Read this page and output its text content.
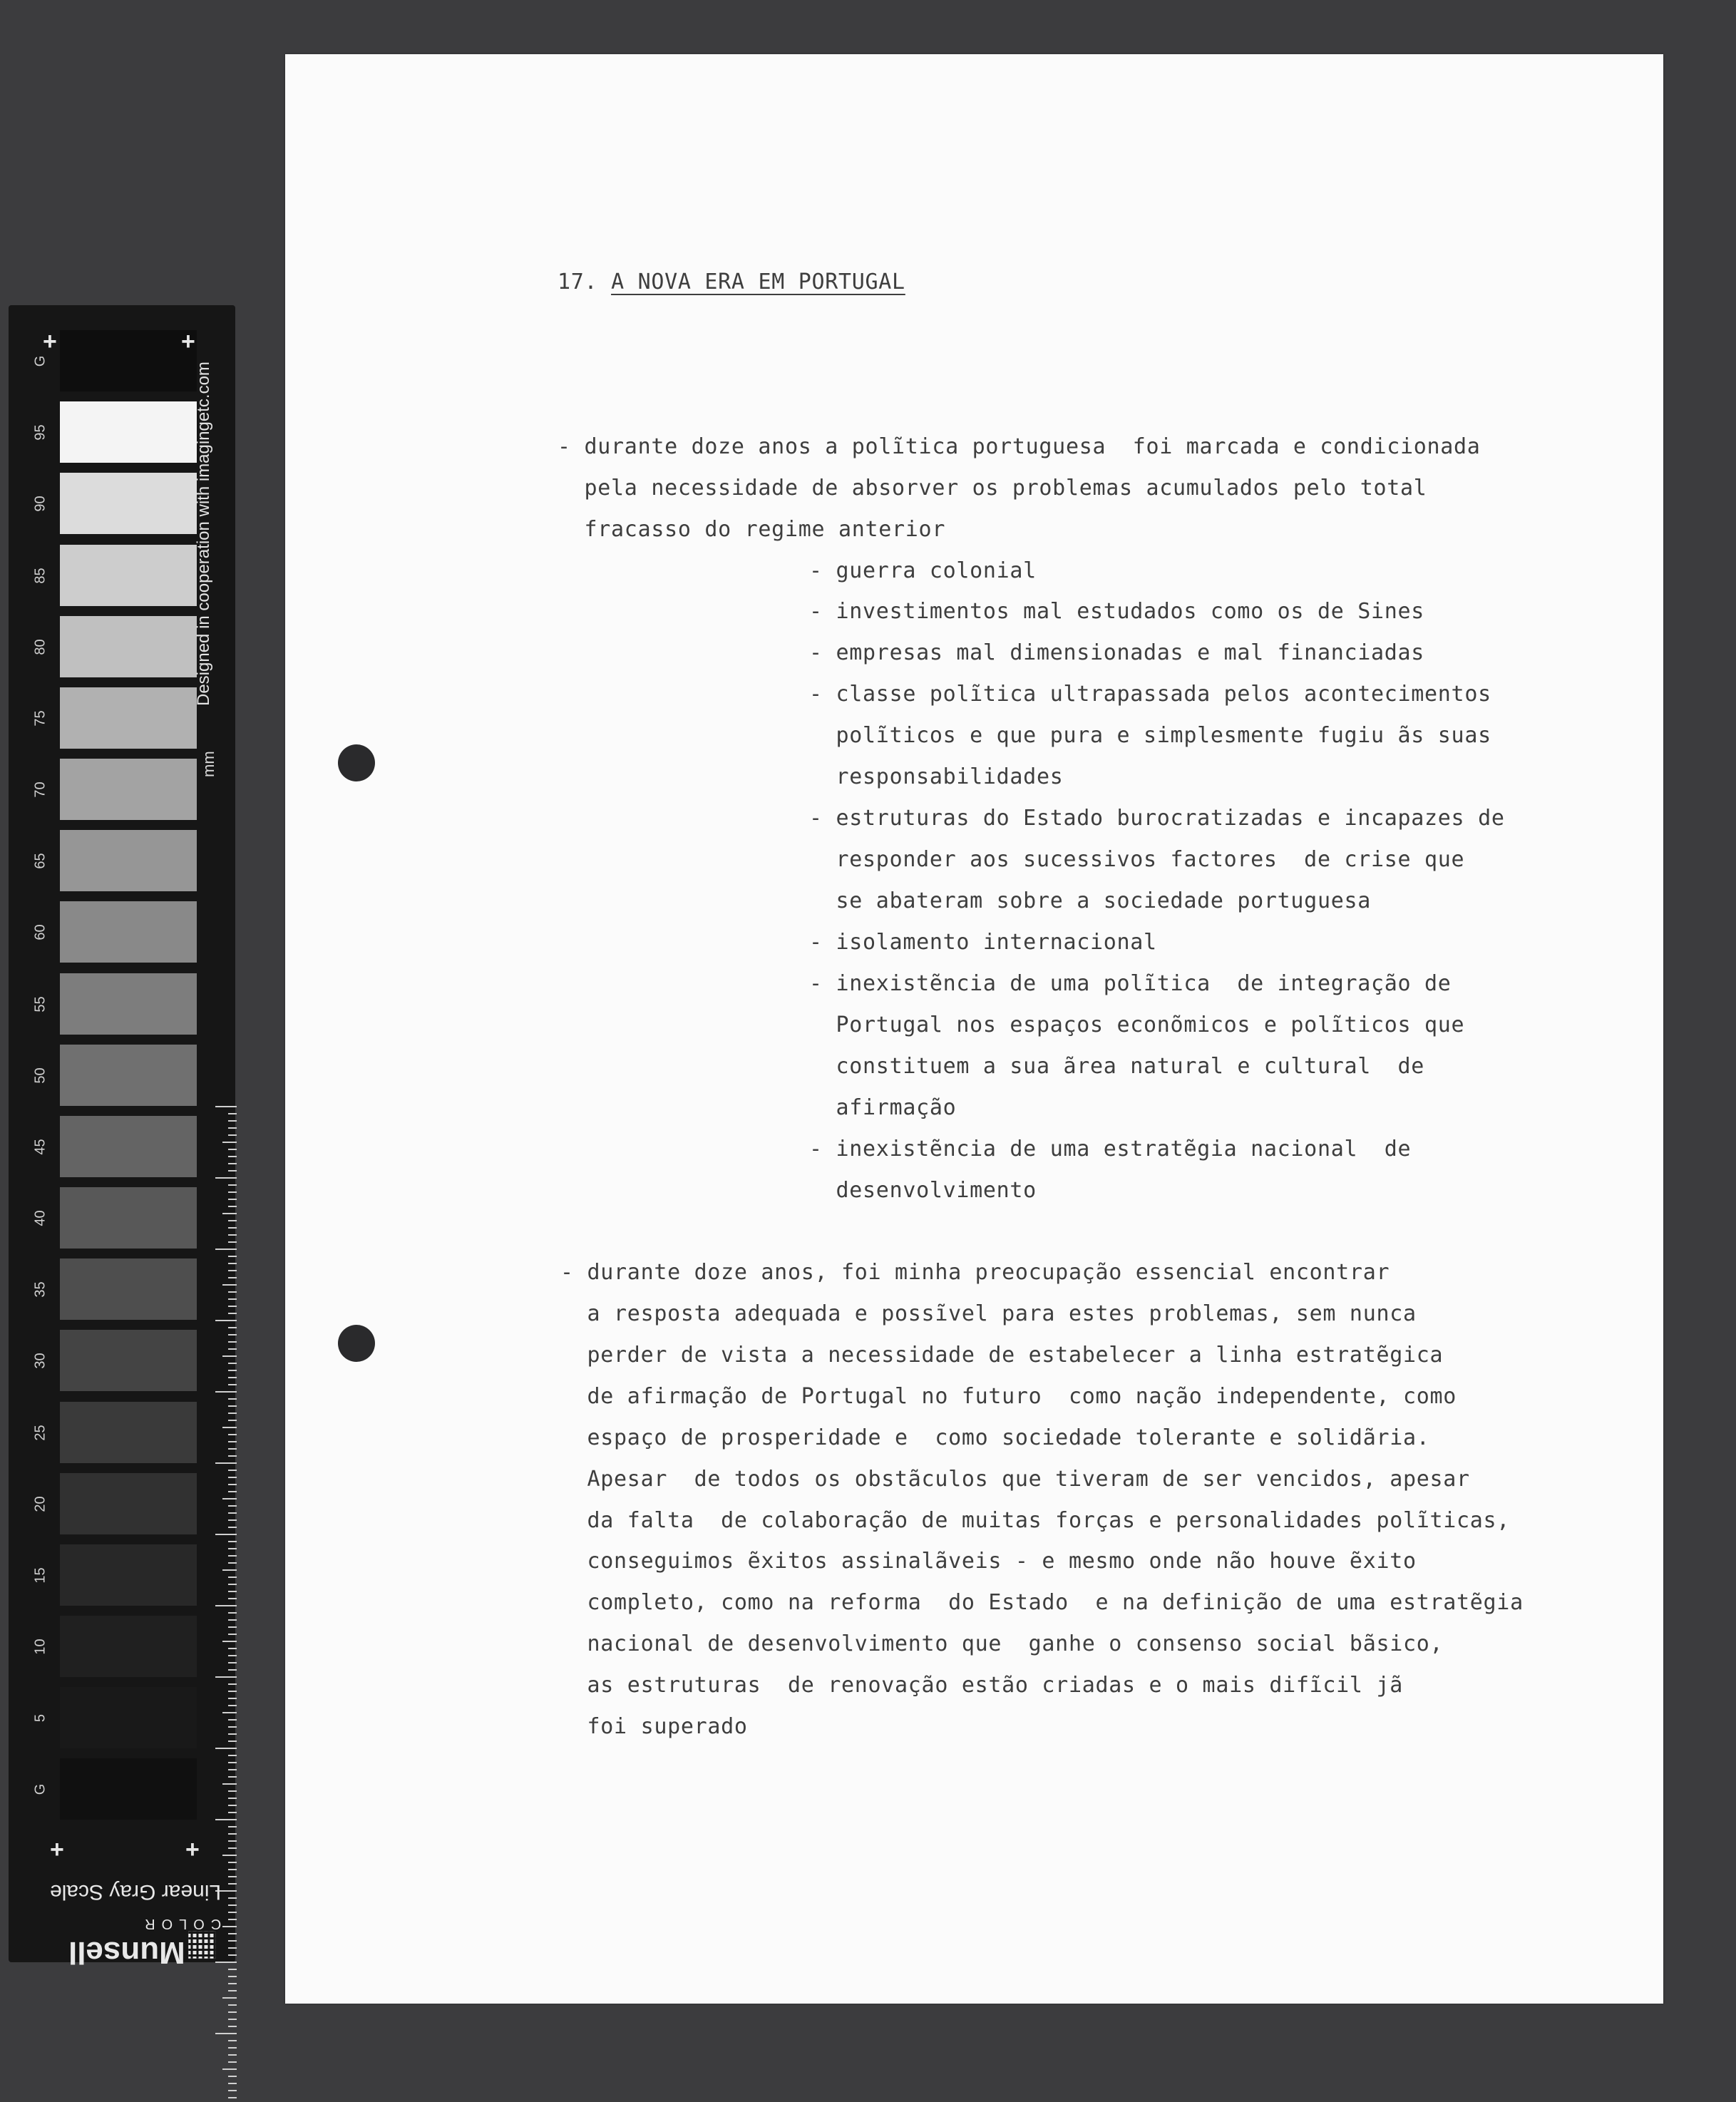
G
95
90
85
80
75
70
65
60
55
50
45
40
35
30
25
20
15
10
5
G
mm
Designed in cooperation with imagingetc.com
+	+
+	+
Linear Gray Scale
Munsell
COLOR
17. A NOVA ERA EM PORTUGAL
- durante doze anos a polĩtica portuguesa  foi marcada e condicionada
pela necessidade de absorver os problemas acumulados pelo total
fracasso do regime anterior
- guerra colonial
- investimentos mal estudados como os de Sines
- empresas mal dimensionadas e mal financiadas
- classe polĩtica ultrapassada pelos acontecimentos
polĩticos e que pura e simplesmente fugiu ãs suas
responsabilidades
- estruturas do Estado burocratizadas e incapazes de
responder aos sucessivos factores  de crise que
se abateram sobre a sociedade portuguesa
- isolamento internacional
- inexistẽncia de uma polĩtica  de integração de
Portugal nos espaços econõmicos e polĩticos que
constituem a sua ãrea natural e cultural  de
afirmação
- inexistẽncia de uma estratẽgia nacional  de
desenvolvimento
- durante doze anos, foi minha preocupação essencial encontrar
a resposta adequada e possĩvel para estes problemas, sem nunca
perder de vista a necessidade de estabelecer a linha estratẽgica
de afirmação de Portugal no futuro  como nação independente, como
espaço de prosperidade e  como sociedade tolerante e solidãria.
Apesar  de todos os obstãculos que tiveram de ser vencidos, apesar
da falta  de colaboração de muitas forças e personalidades polĩticas,
conseguimos ẽxitos assinalãveis - e mesmo onde não houve ẽxito
completo, como na reforma  do Estado  e na definição de uma estratẽgia
nacional de desenvolvimento que  ganhe o consenso social bãsico,
as estruturas  de renovação estão criadas e o mais difĩcil jã
foi superado
